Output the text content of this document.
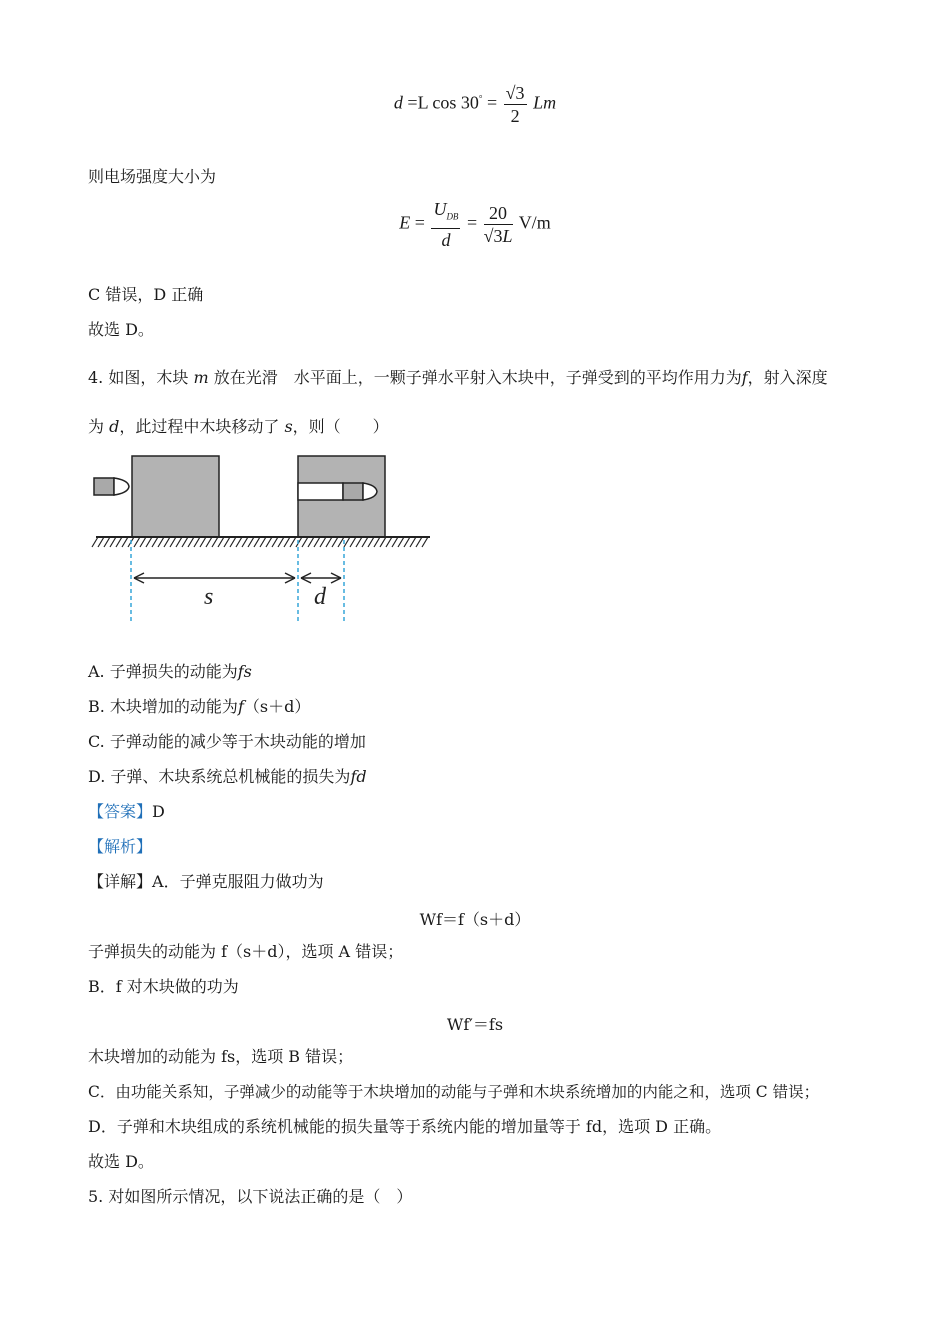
d =L $\cos 30^\circ = \frac{√3}{2}$ Lm
则电场强度大小为
$E = \frac{U_{DB}}{d} = \frac{20}{√3L} V/m$
C 错误，D 正确
故选 D。
4. 如图，木块 m 放在光滑　水平面上，一颗子弹水平射入木块中，子弹受到的平均作用力为f，射入深度
为 d，此过程中木块移动了 s，则（　　）
s	d
A. 子弹损失的动能为fs
B. 木块增加的动能为f（s＋d）
C. 子弹动能的减少等于木块动能的增加
D. 子弹、木块系统总机械能的损失为fd
【答案】D
【解析】
【详解】A．子弹克服阻力做功为
Wf＝f（s＋d）
子弹损失的动能为 f（s＋d），选项 A 错误；
B．f 对木块做的功为
Wf′＝fs
木块增加的动能为 fs，选项 B 错误；
C．由功能关系知，子弹减少的动能等于木块增加的动能与子弹和木块系统增加的内能之和，选项 C 错误；
D．子弹和木块组成的系统机械能的损失量等于系统内能的增加量等于 fd，选项 D 正确。
故选 D。
5. 对如图所示情况，以下说法正确的是（　）
